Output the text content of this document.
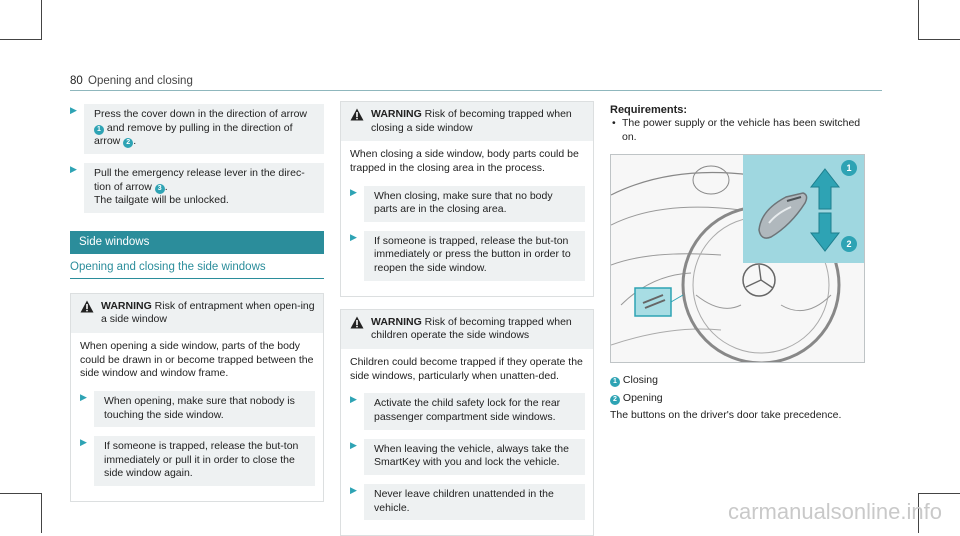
80 Opening and closing
▶	Press the cover down in the direction of arrow 1 and remove by pulling in the direction of arrow 2 .
▶	Pull the emergency release lever in the direc-tion of arrow 3 .
The tailgate will be unlocked.
Side windows
Opening and closing the side windows
WARNING Risk of entrapment when open-ing a side window

When opening a side window, parts of the body could be drawn in or become trapped between the side window and window frame.

▶	When opening, make sure that nobody is touching the side window.
▶	If someone is trapped, release the but-ton immediately or pull it in order to close the side window again.
WARNING Risk of becoming trapped when closing a side window

When closing a side window, body parts could be trapped in the closing area in the process.

▶	When closing, make sure that no body parts are in the closing area.
▶	If someone is trapped, release the but-ton immediately or press the button in order to reopen the side window.
WARNING Risk of becoming trapped when children operate the side windows

Children could become trapped if they operate the side windows, particularly when unatten-ded.

▶	Activate the child safety lock for the rear passenger compartment side windows.
▶	When leaving the vehicle, always take the SmartKey with you and lock the vehicle.
▶	Never leave children unattended in the vehicle.
Requirements:
• The power supply or the vehicle has been switched on.
1
2
1 Closing
2 Opening
The buttons on the driver's door take precedence.
carmanualsonline.info
